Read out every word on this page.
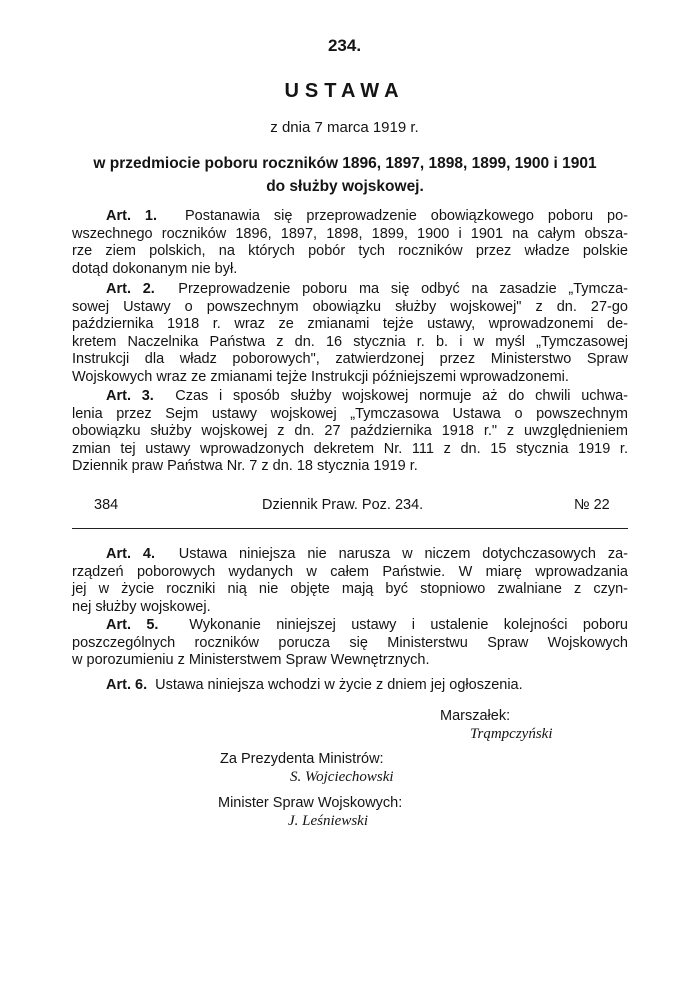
234.
USTAWA
z dnia 7 marca 1919 r.
w przedmiocie poboru roczników 1896, 1897, 1898, 1899, 1900 i 1901
do służby wojskowej.
Art. 1. Postanawia się przeprowadzenie obowiązkowego poboru po-
wszechnego roczników 1896, 1897, 1898, 1899, 1900 i 1901 na całym obsza-
rze ziem polskich, na których pobór tych roczników przez władze polskie
dotąd dokonanym nie był.
Art. 2. Przeprowadzenie poboru ma się odbyć na zasadzie „Tymcza-
sowej Ustawy o powszechnym obowiązku służby wojskowej" z dn. 27-go
października 1918 r. wraz ze zmianami tejże ustawy, wprowadzonemi de-
kretem Naczelnika Państwa z dn. 16 stycznia r. b. i w myśl „Tymczasowej
Instrukcji dla władz poborowych", zatwierdzonej przez Ministerstwo Spraw
Wojskowych wraz ze zmianami tejże Instrukcji późniejszemi wprowadzonemi.
Art. 3. Czas i sposób służby wojskowej normuje aż do chwili uchwa-
lenia przez Sejm ustawy wojskowej „Tymczasowa Ustawa o powszechnym
obowiązku służby wojskowej z dn. 27 października 1918 r." z uwzględnieniem
zmian tej ustawy wprowadzonych dekretem Nr. 111 z dn. 15 stycznia 1919 r.
Dziennik praw Państwa Nr. 7 z dn. 18 stycznia 1919 r.
384	Dziennik Praw. Poz. 234.	№ 22
Art. 4. Ustawa niniejsza nie narusza w niczem dotychczasowych za-
rządzeń poborowych wydanych w całem Państwie. W miarę wprowadzania
jej w życie roczniki nią nie objęte mają być stopniowo zwalniane z czyn-
nej służby wojskowej.
Art. 5. Wykonanie niniejszej ustawy i ustalenie kolejności poboru
poszczególnych roczników porucza się Ministerstwu Spraw Wojskowych
w porozumieniu z Ministerstwem Spraw Wewnętrznych.
Art. 6. Ustawa niniejsza wchodzi w życie z dniem jej ogłoszenia.
Marszałek:
Trąmpczyński
Za Prezydenta Ministrów:
S. Wojciechowski
Minister Spraw Wojskowych:
J. Leśniewski
